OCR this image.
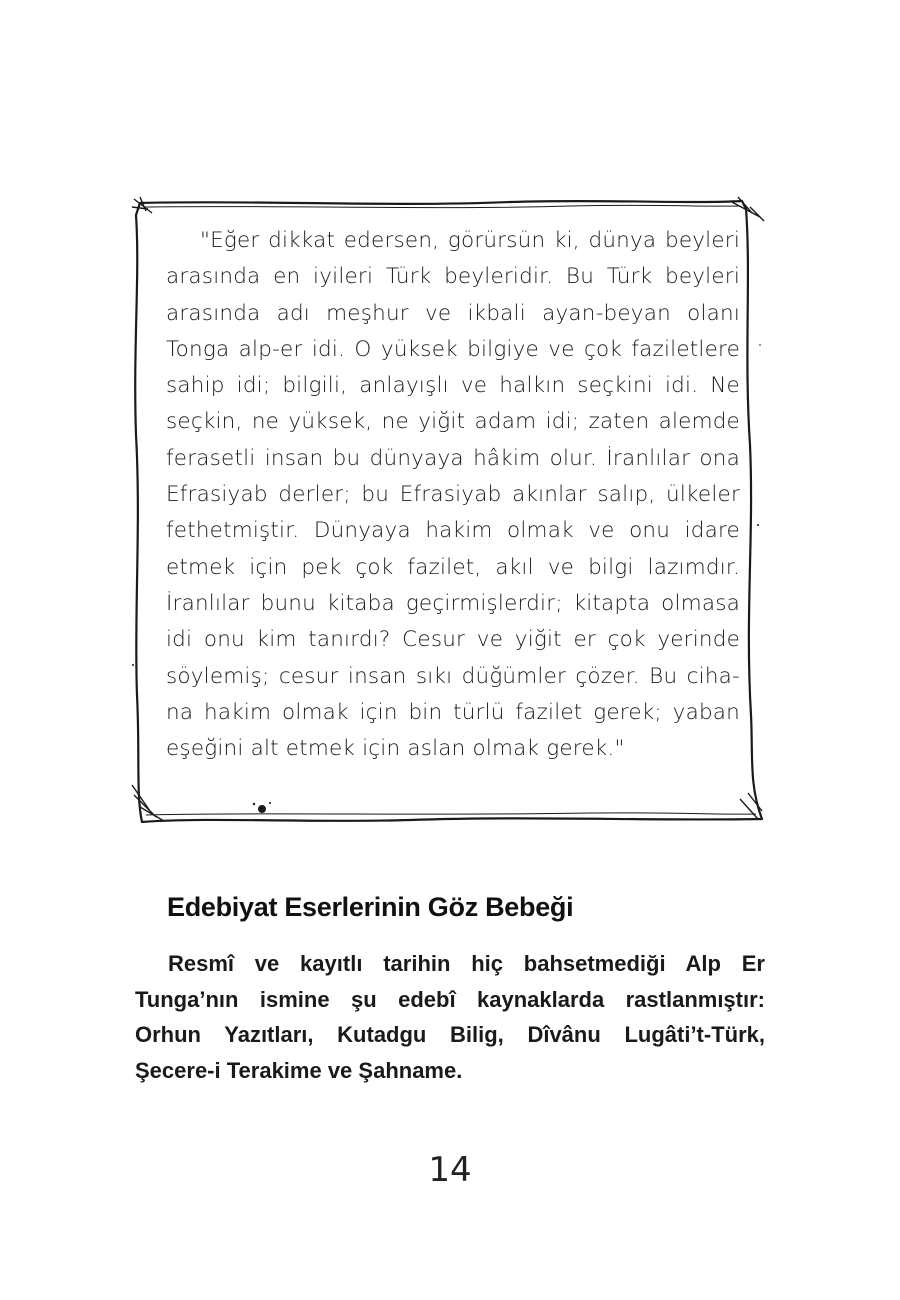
"Eğer dikkat edersen, görürsün ki, dünya beyleri
arasında en iyileri Türk beyleridir. Bu Türk beyleri
arasında adı meşhur ve ikbali ayan-beyan olanı
Tonga alp-er idi. O yüksek bilgiye ve çok faziletlere
sahip idi; bilgili, anlayışlı ve halkın seçkini idi. Ne
seçkin, ne yüksek, ne yiğit adam idi; zaten alemde
ferasetli insan bu dünyaya hâkim olur. İranlılar ona
Efrasiyab derler; bu Efrasiyab akınlar salıp, ülkeler
fethetmiştir. Dünyaya hakim olmak ve onu idare
etmek için pek çok fazilet, akıl ve bilgi lazımdır.
İranlılar bunu kitaba geçirmişlerdir; kitapta olmasa
idi onu kim tanırdı? Cesur ve yiğit er çok yerinde
söylemiş; cesur insan sıkı düğümler çözer. Bu ciha-
na hakim olmak için bin türlü fazilet gerek; yaban
eşeğini alt etmek için aslan olmak gerek."
Edebiyat Eserlerinin Göz Bebeği
Resmî ve kayıtlı tarihin hiç bahsetmediği Alp Er
Tunga’nın ismine şu edebî kaynaklarda rastlanmıştır:
Orhun Yazıtları, Kutadgu Bilig, Dîvânu Lugâti’t-Türk,
Şecere-i Terakime ve Şahname.
14
